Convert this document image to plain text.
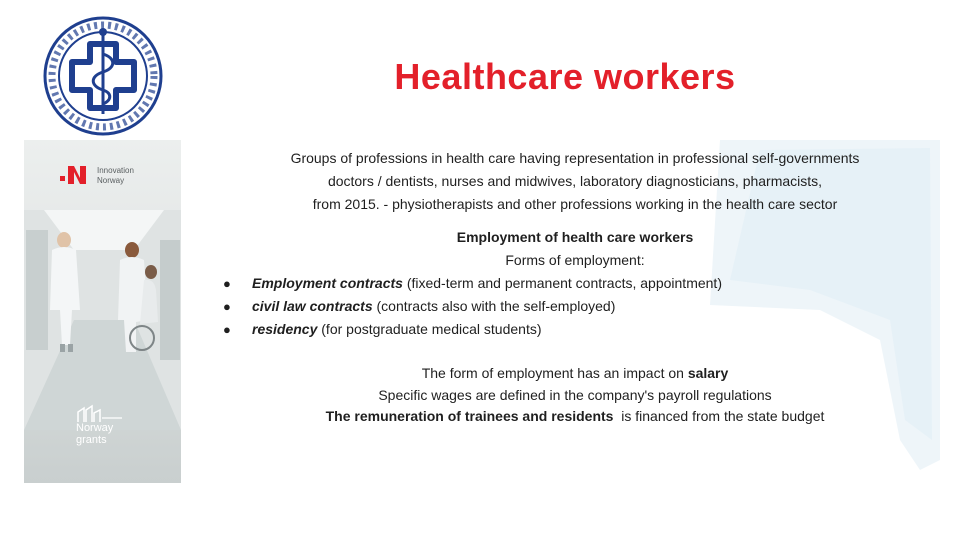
Healthcare workers
Innovation
Norway
Norway
grants
Groups of professions in health care having representation in professional self-governments
doctors / dentists, nurses and midwives, laboratory diagnosticians, pharmacists,
from 2015. - physiotherapists and other professions working in the health care sector
Employment of health care workers
Forms of employment:
● Employment contracts (fixed-term and permanent contracts, appointment)
● civil law contracts (contracts also with the self-employed)
● residency (for postgraduate medical students)
The form of employment has an impact on salary
Specific wages are defined in the company's payroll regulations
The remuneration of trainees and residents  is financed from the state budget
